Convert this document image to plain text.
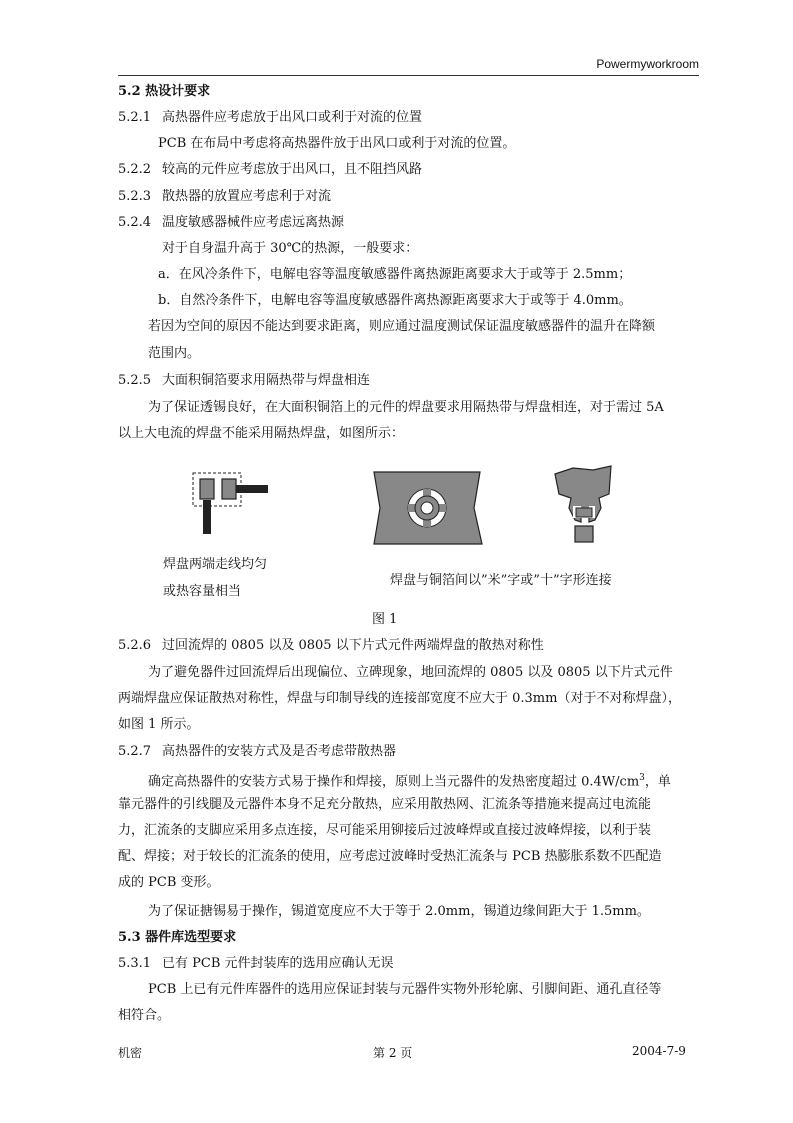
Powermyworkroom
5.2 热设计要求
5.2.1 高热器件应考虑放于出风口或利于对流的位置
PCB 在布局中考虑将高热器件放于出风口或利于对流的位置。
5.2.2 较高的元件应考虑放于出风口，且不阻挡风路
5.2.3 散热器的放置应考虑利于对流
5.2.4 温度敏感器械件应考虑远离热源
对于自身温升高于 30℃的热源，一般要求：
a．在风冷条件下，电解电容等温度敏感器件离热源距离要求大于或等于 2.5mm；
b．自然冷条件下，电解电容等温度敏感器件离热源距离要求大于或等于 4.0mm。
若因为空间的原因不能达到要求距离，则应通过温度测试保证温度敏感器件的温升在降额
范围内。
5.2.5 大面积铜箔要求用隔热带与焊盘相连
为了保证透锡良好，在大面积铜箔上的元件的焊盘要求用隔热带与焊盘相连，对于需过 5A
以上大电流的焊盘不能采用隔热焊盘，如图所示：
焊盘两端走线均匀
或热容量相当
焊盘与铜箔间以”米”字或”十”字形连接
图 1
5.2.6 过回流焊的 0805 以及 0805 以下片式元件两端焊盘的散热对称性
为了避免器件过回流焊后出现偏位、立碑现象，地回流焊的 0805 以及 0805 以下片式元件
两端焊盘应保证散热对称性，焊盘与印制导线的连接部宽度不应大于 0.3mm（对于不对称焊盘），
如图 1 所示。
5.2.7 高热器件的安装方式及是否考虑带散热器
确定高热器件的安装方式易于操作和焊接，原则上当元器件的发热密度超过 $0.4W/cm^3$，单
靠元器件的引线腿及元器件本身不足充分散热，应采用散热网、汇流条等措施来提高过电流能
力，汇流条的支脚应采用多点连接，尽可能采用铆接后过波峰焊或直接过波峰焊接，以利于装
配、焊接；对于较长的汇流条的使用，应考虑过波峰时受热汇流条与 PCB 热膨胀系数不匹配造
成的 PCB 变形。
为了保证搪锡易于操作，锡道宽度应不大于等于 2.0mm，锡道边缘间距大于 1.5mm。
5.3 器件库选型要求
5.3.1 已有 PCB 元件封装库的选用应确认无误
PCB 上已有元件库器件的选用应保证封装与元器件实物外形轮廓、引脚间距、通孔直径等
相符合。
机密	第 2 页	2004-7-9
